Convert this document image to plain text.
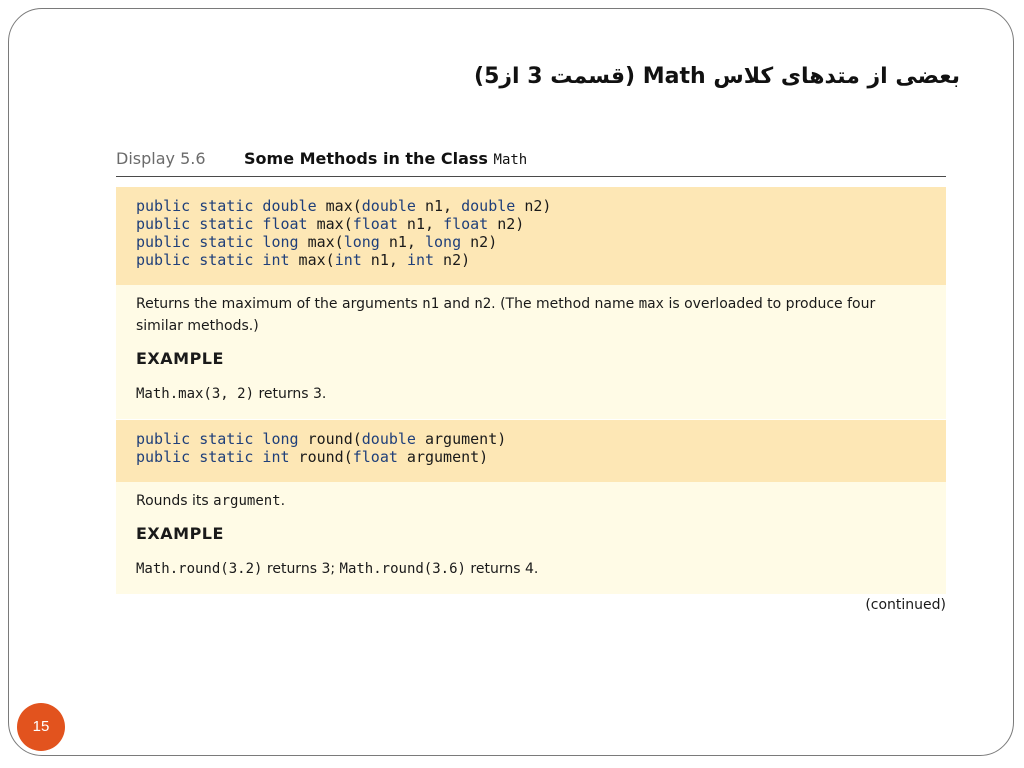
بعضی از متدهای کلاس Math (قسمت 3 از5)
Display 5.6 Some Methods in the Class Math
public static double max(double n1, double n2)
public static float max(float n1, float n2)
public static long max(long n1, long n2)
public static int max(int n1, int n2)
Returns the maximum of the arguments n1 and n2. (The method name max is overloaded to produce four
similar methods.)
EXAMPLE
Math.max(3, 2) returns 3.
public static long round(double argument)
public static int round(float argument)
Rounds its argument.
EXAMPLE
Math.round(3.2) returns 3; Math.round(3.6) returns 4.
(continued)
15
